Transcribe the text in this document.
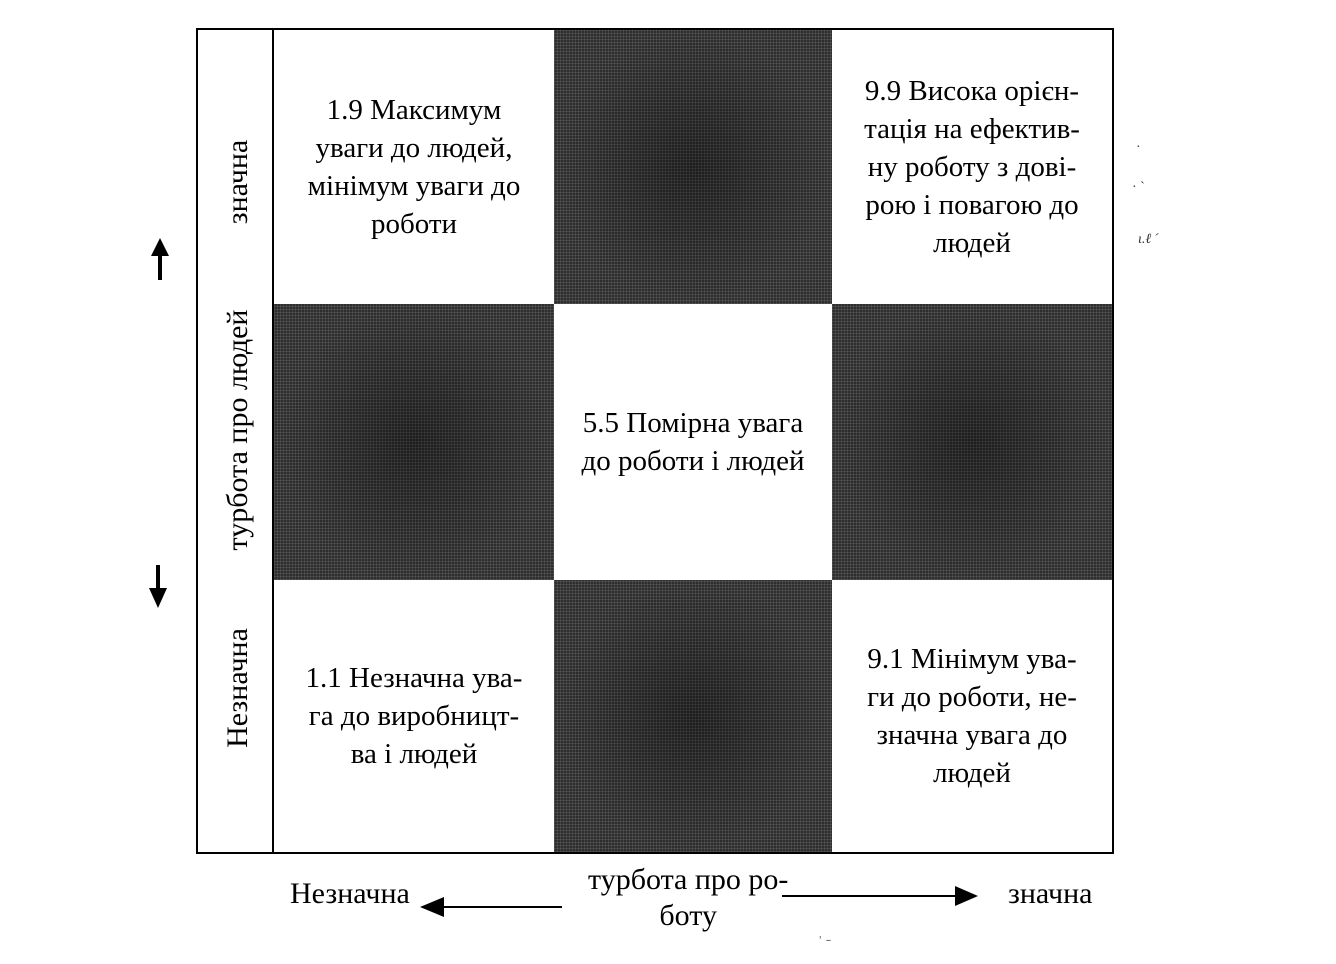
1.9 Максимум
уваги до людей,
мінімум уваги до
роботи
9.9 Висока орієн-
тація на ефектив-
ну роботу з дові-
рою і повагою до
людей
5.5 Помірна увага
до роботи і людей
1.1 Незначна ува-
га до виробницт-
ва і людей
9.1 Мінімум ува-
ги до роботи, не-
значна увага до
людей
значна
турбота про людей
Незначна
Незначна	турбота про ро-
боту
значна
·
· ˋ
ι.ℓ ˊ
˒ ˍ
